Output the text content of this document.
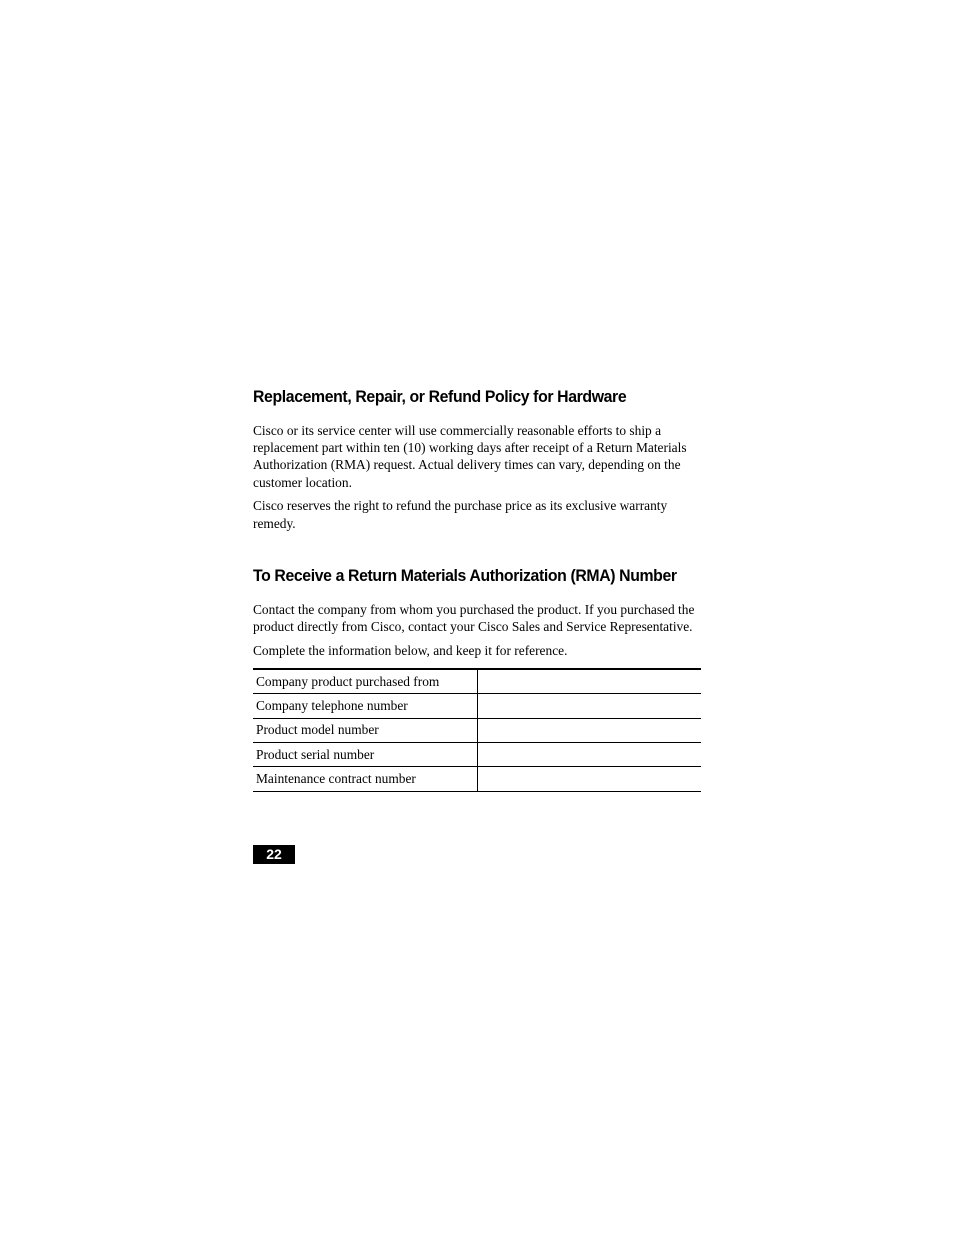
Replacement, Repair, or Refund Policy for Hardware

Cisco or its service center will use commercially reasonable efforts to ship a replacement part within ten (10) working days after receipt of a Return Materials Authorization (RMA) request. Actual delivery times can vary, depending on the customer location.

Cisco reserves the right to refund the purchase price as its exclusive warranty remedy.

To Receive a Return Materials Authorization (RMA) Number

Contact the company from whom you purchased the product. If you purchased the product directly from Cisco, contact your Cisco Sales and Service Representative.

Complete the information below, and keep it for reference.

Company product purchased from	
Company telephone number	
Product model number	
Product serial number	
Maintenance contract number	
22
